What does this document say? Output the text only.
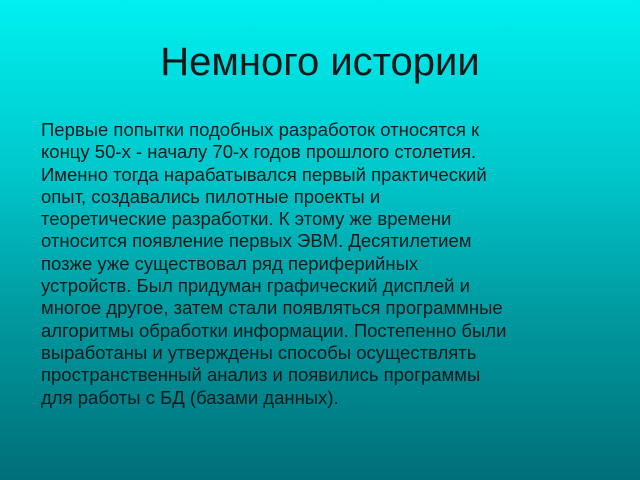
Немного истории

Первые попытки подобных разработок относятся к
концу 50-х - началу 70-х годов прошлого столетия.
Именно тогда нарабатывался первый практический
опыт, создавались пилотные проекты и
теоретические разработки. К этому же времени
относится появление первых ЭВМ. Десятилетием
позже уже существовал ряд периферийных
устройств. Был придуман графический дисплей и
многое другое, затем стали появляться программные
алгоритмы обработки информации. Постепенно были
выработаны и утверждены способы осуществлять
пространственный анализ и появились программы
для работы с БД (базами данных).
